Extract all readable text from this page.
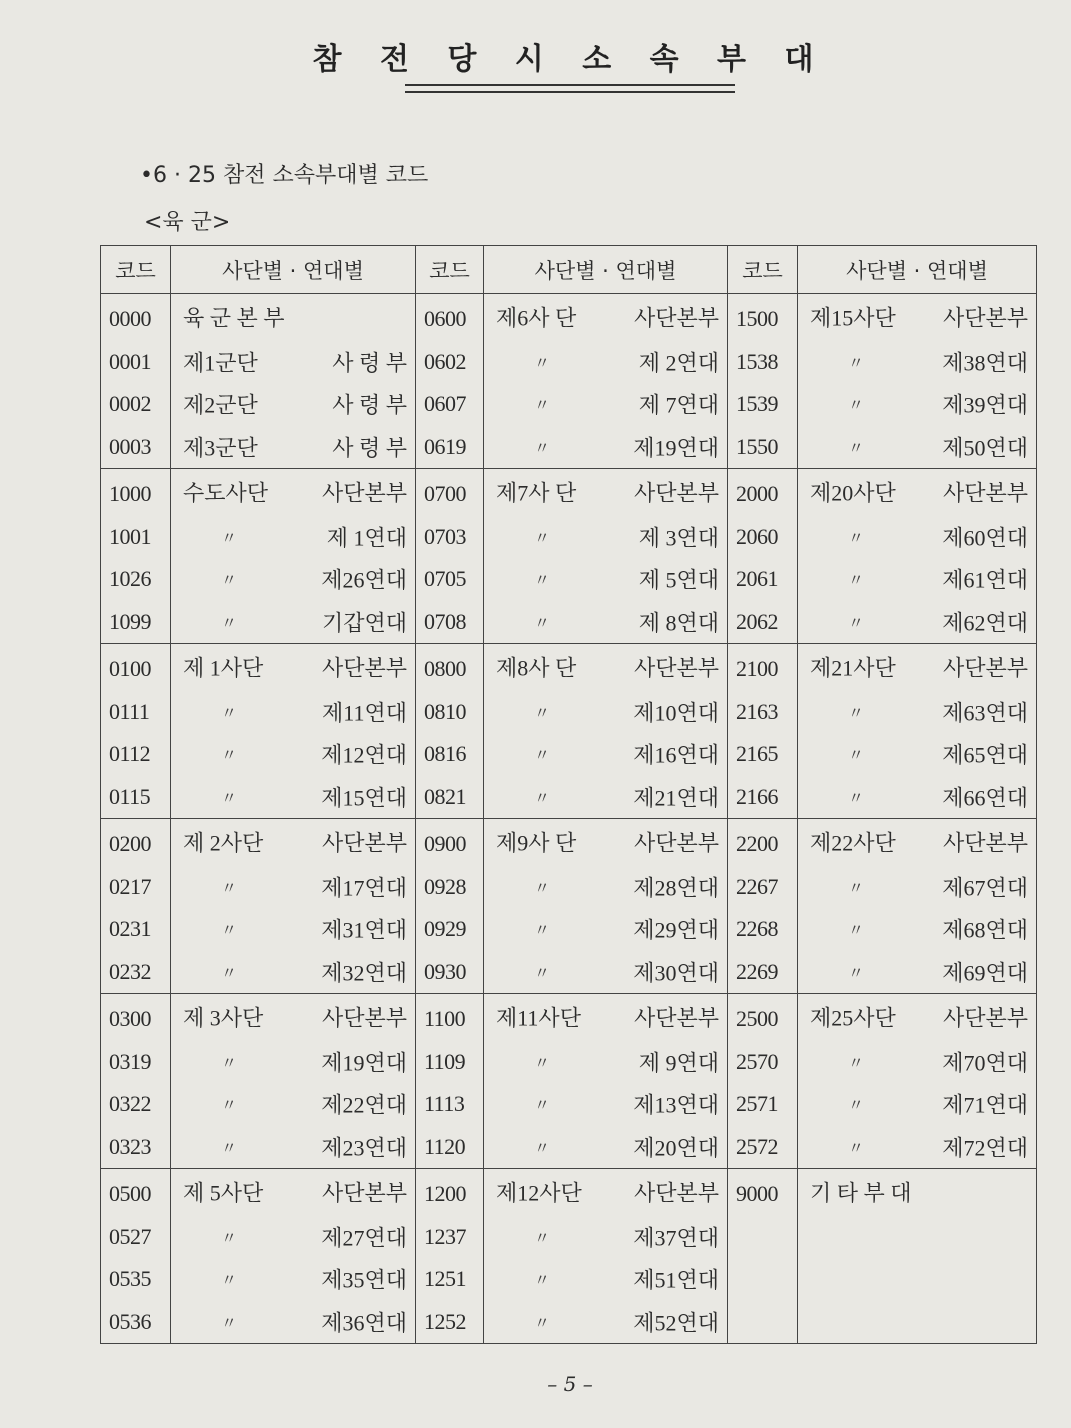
참 전 당 시 소 속 부 대
•6 · 25 참전 소속부대별 코드
<육 군>
코드	사단별 · 연대별	코드	사단별 · 연대별	코드	사단별 · 연대별
0000	육 군 본 부	0600	제6사 단 사단본부	1500	제15사단 사단본부

0001	제1군단 사 령 부	0602	〃 제 2연대	1538	〃 제38연대

0002	제2군단 사 령 부	0607	〃 제 7연대	1539	〃 제39연대

0003	제3군단 사 령 부	0619	〃 제19연대	1550	〃 제50연대

1000	수도사단 사단본부	0700	제7사 단 사단본부	2000	제20사단 사단본부

1001	〃 제 1연대	0703	〃 제 3연대	2060	〃 제60연대

1026	〃 제26연대	0705	〃 제 5연대	2061	〃 제61연대

1099	〃 기갑연대	0708	〃 제 8연대	2062	〃 제62연대

0100	제 1사단 사단본부	0800	제8사 단 사단본부	2100	제21사단 사단본부

0111	〃 제11연대	0810	〃 제10연대	2163	〃 제63연대

0112	〃 제12연대	0816	〃 제16연대	2165	〃 제65연대

0115	〃 제15연대	0821	〃 제21연대	2166	〃 제66연대

0200	제 2사단 사단본부	0900	제9사 단 사단본부	2200	제22사단 사단본부

0217	〃 제17연대	0928	〃 제28연대	2267	〃 제67연대

0231	〃 제31연대	0929	〃 제29연대	2268	〃 제68연대

0232	〃 제32연대	0930	〃 제30연대	2269	〃 제69연대

0300	제 3사단 사단본부	1100	제11사단 사단본부	2500	제25사단 사단본부

0319	〃 제19연대	1109	〃 제 9연대	2570	〃 제70연대

0322	〃 제22연대	1113	〃 제13연대	2571	〃 제71연대

0323	〃 제23연대	1120	〃 제20연대	2572	〃 제72연대

0500	제 5사단 사단본부	1200	제12사단 사단본부	9000	기 타 부 대

0527	〃 제27연대	1237	〃 제37연대		

0535	〃 제35연대	1251	〃 제51연대		

0536	〃 제36연대	1252	〃 제52연대		

– 5 –
